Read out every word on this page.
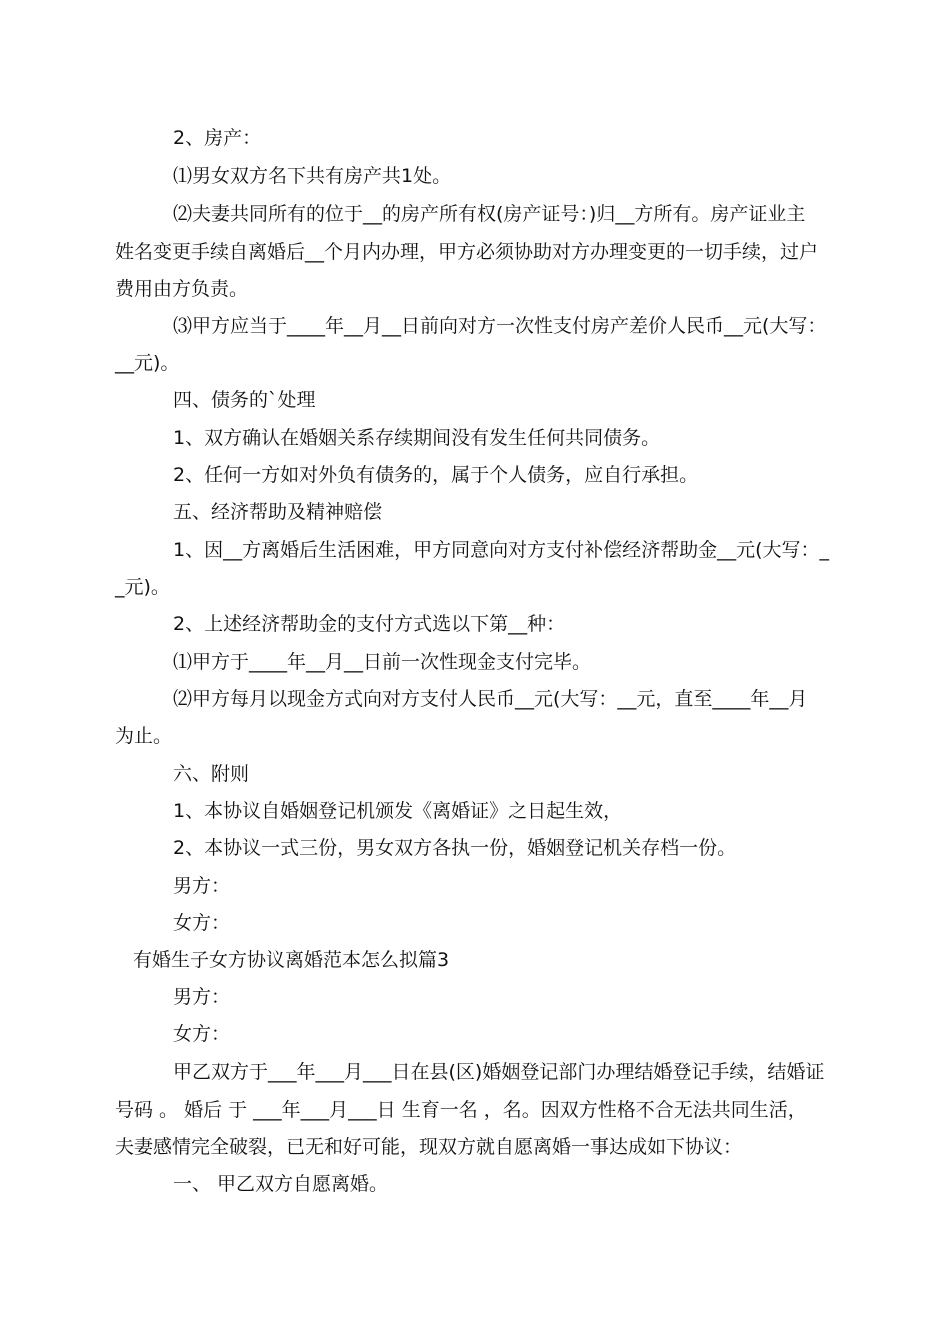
2、房产：
⑴男女双方名下共有房产共1处。
⑵夫妻共同所有的位于__的房产所有权(房产证号：)归__方所有。房产证业主
姓名变更手续自离婚后__个月内办理，甲方必须协助对方办理变更的一切手续，过户
费用由方负责。
⑶甲方应当于____年__月__日前向对方一次性支付房产差价人民币__元(大写：
__元)。
四、债务的`处理
1、双方确认在婚姻关系存续期间没有发生任何共同债务。
2、任何一方如对外负有债务的，属于个人债务，应自行承担。
五、经济帮助及精神赔偿
1、因__方离婚后生活困难，甲方同意向对方支付补偿经济帮助金__元(大写：_
_元)。
2、上述经济帮助金的支付方式选以下第__种：
⑴甲方于____年__月__日前一次性现金支付完毕。
⑵甲方每月以现金方式向对方支付人民币__元(大写：__元，直至____年__月
为止。
六、附则
1、本协议自婚姻登记机颁发《离婚证》之日起生效，
2、本协议一式三份，男女双方各执一份，婚姻登记机关存档一份。
男方：
女方：
有婚生子女方协议离婚范本怎么拟篇3
男方：
女方：
甲乙双方于___年___月___日在县(区)婚姻登记部门办理结婚登记手续，结婚证
号码 。 婚后 于 ___年___月___日 生育一名 ，名。因双方性格不合无法共同生活，
夫妻感情完全破裂，已无和好可能，现双方就自愿离婚一事达成如下协议：
一、 甲乙双方自愿离婚。
